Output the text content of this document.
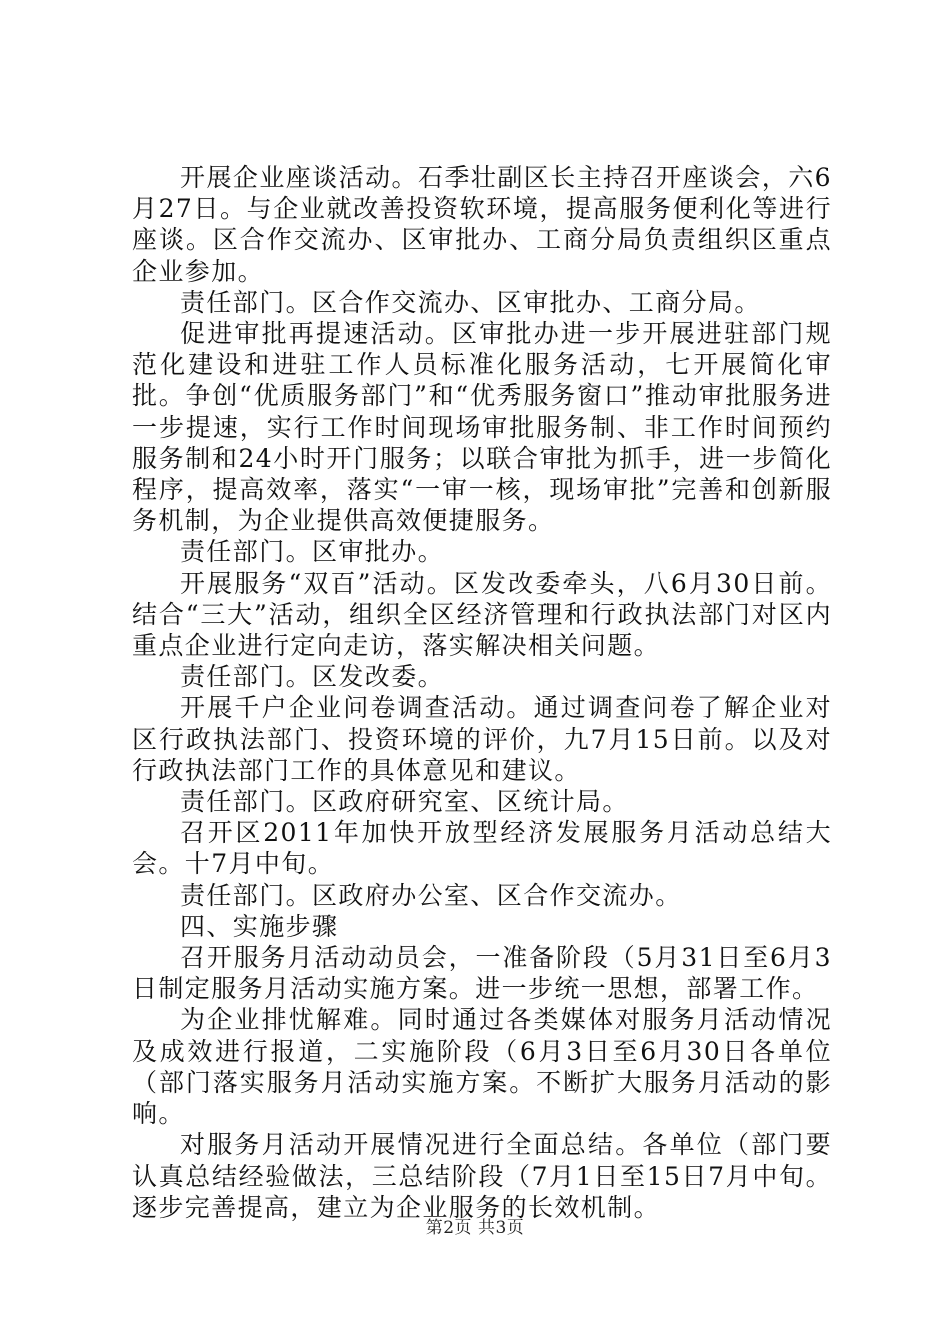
开展企业座谈活动。石季壮副区长主持召开座谈会，六6月27日。与企业就改善投资软环境，提高服务便利化等进行座谈。区合作交流办、区审批办、工商分局负责组织区重点企业参加。

责任部门。区合作交流办、区审批办、工商分局。

促进审批再提速活动。区审批办进一步开展进驻部门规范化建设和进驻工作人员标准化服务活动，七开展简化审批。争创“优质服务部门”和“优秀服务窗口”推动审批服务进一步提速，实行工作时间现场审批服务制、非工作时间预约服务制和24小时开门服务；以联合审批为抓手，进一步简化程序，提高效率，落实“一审一核，现场审批”完善和创新服务机制，为企业提供高效便捷服务。

责任部门。区审批办。

开展服务“双百”活动。区发改委牵头，八6月30日前。结合“三大”活动，组织全区经济管理和行政执法部门对区内重点企业进行定向走访，落实解决相关问题。

责任部门。区发改委。

开展千户企业问卷调查活动。通过调查问卷了解企业对区行政执法部门、投资环境的评价，九7月15日前。以及对行政执法部门工作的具体意见和建议。

责任部门。区政府研究室、区统计局。

召开区2011年加快开放型经济发展服务月活动总结大会。十7月中旬。

责任部门。区政府办公室、区合作交流办。

四、实施步骤

召开服务月活动动员会，一准备阶段（5月31日至6月3日制定服务月活动实施方案。进一步统一思想，部署工作。

为企业排忧解难。同时通过各类媒体对服务月活动情况及成效进行报道，二实施阶段（6月3日至6月30日各单位（部门落实服务月活动实施方案。不断扩大服务月活动的影响。

对服务月活动开展情况进行全面总结。各单位（部门要认真总结经验做法，三总结阶段（7月1日至15日7月中旬。逐步完善提高，建立为企业服务的长效机制。

第2页 共3页
